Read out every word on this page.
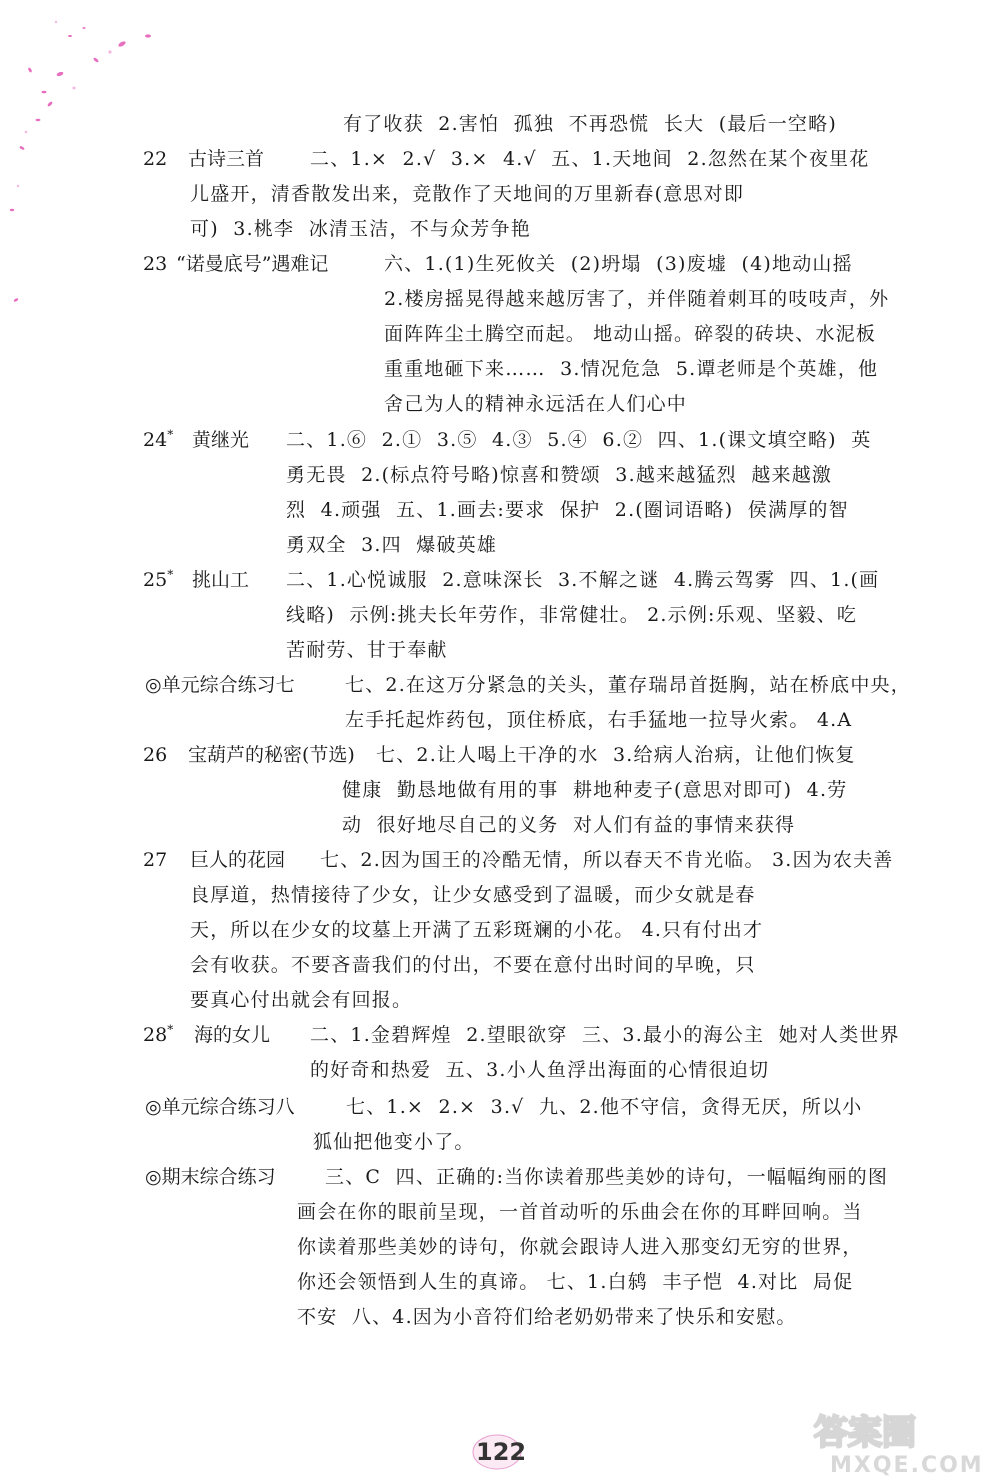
有了收获  2.害怕  孤独  不再恐慌  长大  (最后一空略)
二、1.×  2.√  3.×  4.√  五、1.天地间  2.忽然在某个夜里花
儿盛开，清香散发出来，竞散作了天地间的万里新春(意思对即
可)  3.桃李  冰清玉洁，不与众芳争艳
六、1.(1)生死攸关  (2)坍塌  (3)废墟  (4)地动山摇
2.楼房摇晃得越来越厉害了，并伴随着刺耳的吱吱声，外
面阵阵尘土腾空而起。 地动山摇。碎裂的砖块、水泥板
重重地砸下来……  3.情况危急  5.谭老师是个英雄，他
舍己为人的精神永远活在人们心中
二、1.⑥  2.①  3.⑤  4.③  5.④  6.②  四、1.(课文填空略)  英
勇无畏  2.(标点符号略)惊喜和赞颂  3.越来越猛烈  越来越激
烈  4.顽强  五、1.画去:要求  保护  2.(圈词语略)  侯满厚的智
勇双全  3.四  爆破英雄
二、1.心悦诚服  2.意味深长  3.不解之谜  4.腾云驾雾  四、1.(画
线略)  示例:挑夫长年劳作，非常健壮。 2.示例:乐观、坚毅、吃
苦耐劳、甘于奉献
七、2.在这万分紧急的关头，董存瑞昂首挺胸，站在桥底中央，
左手托起炸药包，顶住桥底，右手猛地一拉导火索。 4.A
七、2.让人喝上干净的水  3.给病人治病，让他们恢复
健康  勤恳地做有用的事  耕地种麦子(意思对即可)  4.劳
动  很好地尽自己的义务  对人们有益的事情来获得
七、2.因为国王的冷酷无情，所以春天不肯光临。 3.因为农夫善
良厚道，热情接待了少女，让少女感受到了温暖，而少女就是春
天，所以在少女的坟墓上开满了五彩斑斓的小花。 4.只有付出才
会有收获。不要吝啬我们的付出，不要在意付出时间的早晚，只
要真心付出就会有回报。
二、1.金碧辉煌  2.望眼欲穿  三、3.最小的海公主  她对人类世界
的好奇和热爱  五、3.小人鱼浮出海面的心情很迫切
七、1.×  2.×  3.√  九、2.他不守信，贪得无厌，所以小
狐仙把他变小了。
三、C  四、正确的:当你读着那些美妙的诗句，一幅幅绚丽的图
画会在你的眼前呈现，一首首动听的乐曲会在你的耳畔回响。当
你读着那些美妙的诗句，你就会跟诗人进入那变幻无穷的世界，
你还会领悟到人生的真谛。 七、1.白鸫  丰子恺  4.对比  局促
不安  八、4.因为小音符们给老奶奶带来了快乐和安慰。
22 古诗三首
23 “诺曼底号”遇难记
24* 黄继光
25* 挑山工
26 宝葫芦的秘密(节选)
27 巨人的花园
28* 海的女儿
◎单元综合练习七
◎单元综合练习八
◎期末综合练习
122	答案圈
MXQE.COM
